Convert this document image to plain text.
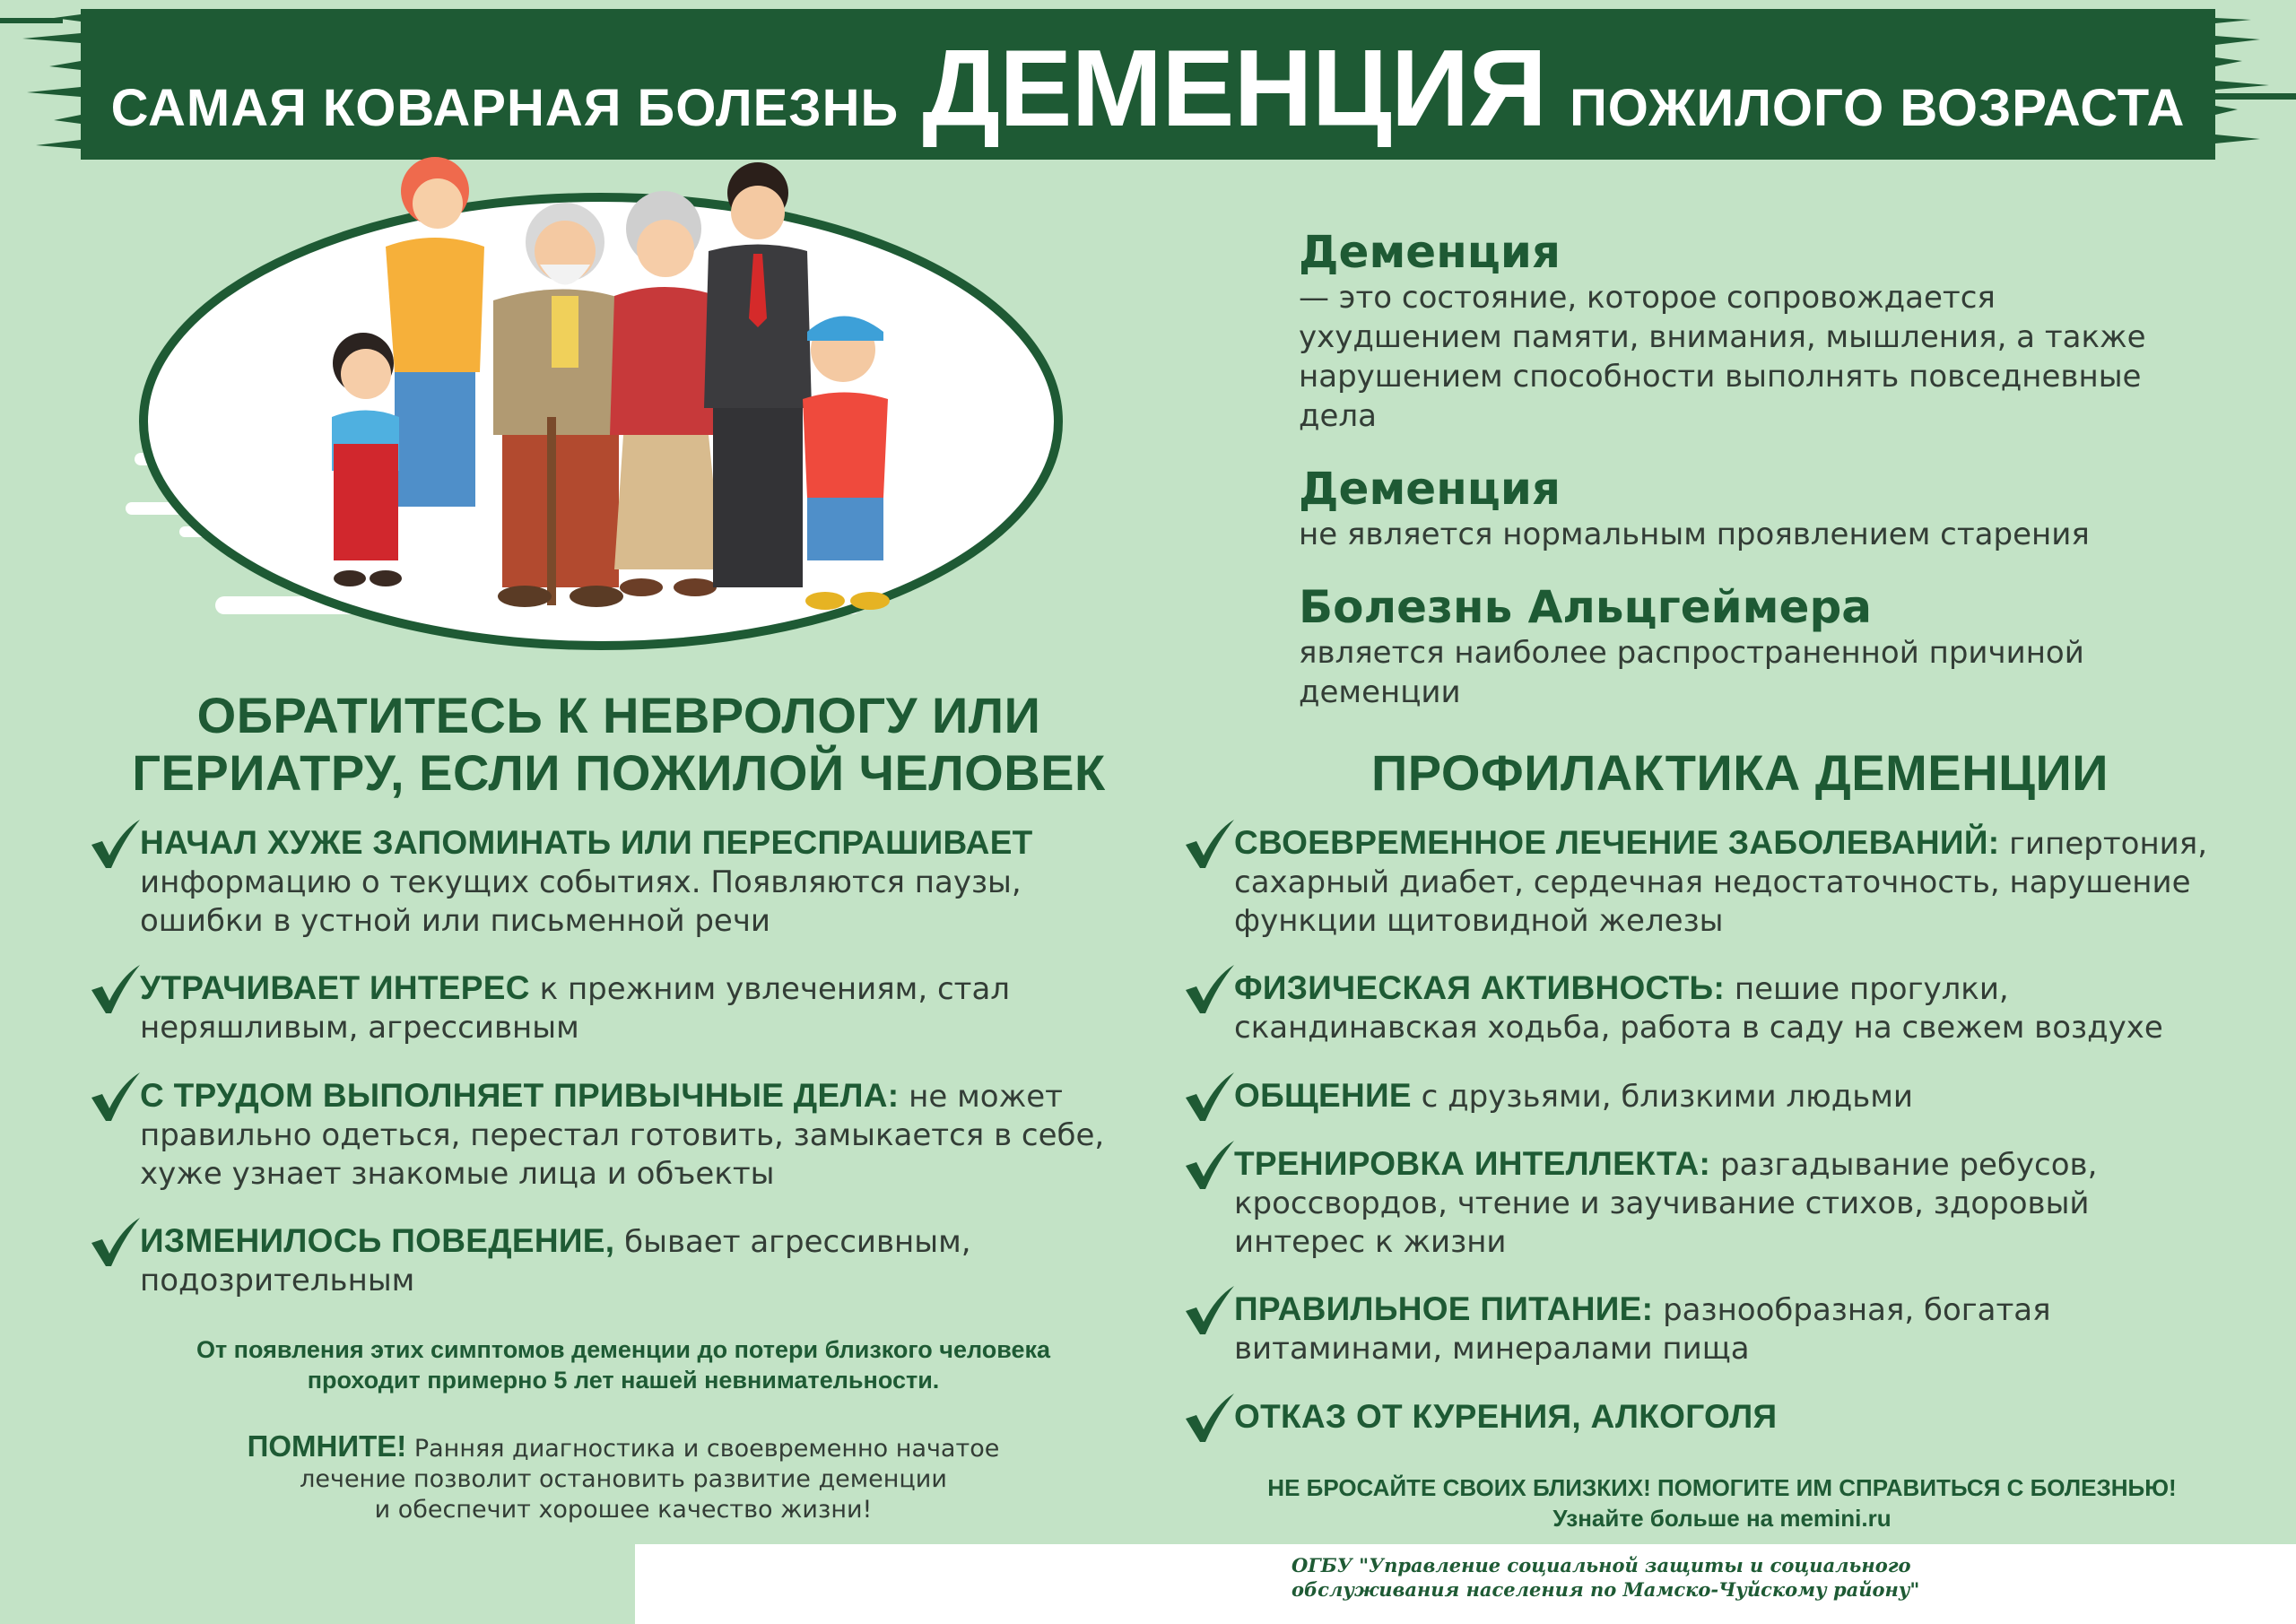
САМАЯ КОВАРНАЯ БОЛЕЗНЬ ДЕМЕНЦИЯ ПОЖИЛОГО ВОЗРАСТА
Деменция
— это состояние, которое сопровождается ухудшением памяти, внимания, мышления, а также нарушением способности выполнять повседневные дела
Деменция
не является нормальным проявлением старения
Болезнь Альцгеймера
является наиболее распространенной причиной деменции
ОБРАТИТЕСЬ К НЕВРОЛОГУ ИЛИ
ГЕРИАТРУ, ЕСЛИ ПОЖИЛОЙ ЧЕЛОВЕК	ПРОФИЛАКТИКА ДЕМЕНЦИИ
НАЧАЛ ХУЖЕ ЗАПОМИНАТЬ ИЛИ ПЕРЕСПРАШИВАЕТ информацию о текущих событиях. Появляются паузы, ошибки в устной или письменной речи
УТРАЧИВАЕТ ИНТЕРЕС к прежним увлечениям, стал неряшливым, агрессивным
С ТРУДОМ ВЫПОЛНЯЕТ ПРИВЫЧНЫЕ ДЕЛА: не может правильно одеться, перестал готовить, замыкается в себе, хуже узнает знакомые лица и объекты
ИЗМЕНИЛОСЬ ПОВЕДЕНИЕ, бывает агрессивным, подозрительным
От появления этих симптомов деменции до потери близкого человека
проходит примерно 5 лет нашей невнимательности.
ПОМНИТЕ! Ранняя диагностика и своевременно начатое
лечение позволит остановить развитие деменции
и обеспечит хорошее качество жизни!
СВОЕВРЕМЕННОЕ ЛЕЧЕНИЕ ЗАБОЛЕВАНИЙ: гипертония, сахарный диабет, сердечная недостаточность, нарушение функции щитовидной железы
ФИЗИЧЕСКАЯ АКТИВНОСТЬ: пешие прогулки, скандинавская ходьба, работа в саду на свежем воздухе
ОБЩЕНИЕ с друзьями, близкими людьми
ТРЕНИРОВКА ИНТЕЛЛЕКТА: разгадывание ребусов, кроссвордов, чтение и заучивание стихов, здоровый интерес к жизни
ПРАВИЛЬНОЕ ПИТАНИЕ: разнообразная, богатая витаминами, минералами пища
ОТКАЗ ОТ КУРЕНИЯ, АЛКОГОЛЯ
НЕ БРОСАЙТЕ СВОИХ БЛИЗКИХ! ПОМОГИТЕ ИМ СПРАВИТЬСЯ С БОЛЕЗНЬЮ!
Узнайте больше на memini.ru
ОГБУ "Управление социальной защиты и социального
обслуживания населения по Мамско-Чуйскому району"
